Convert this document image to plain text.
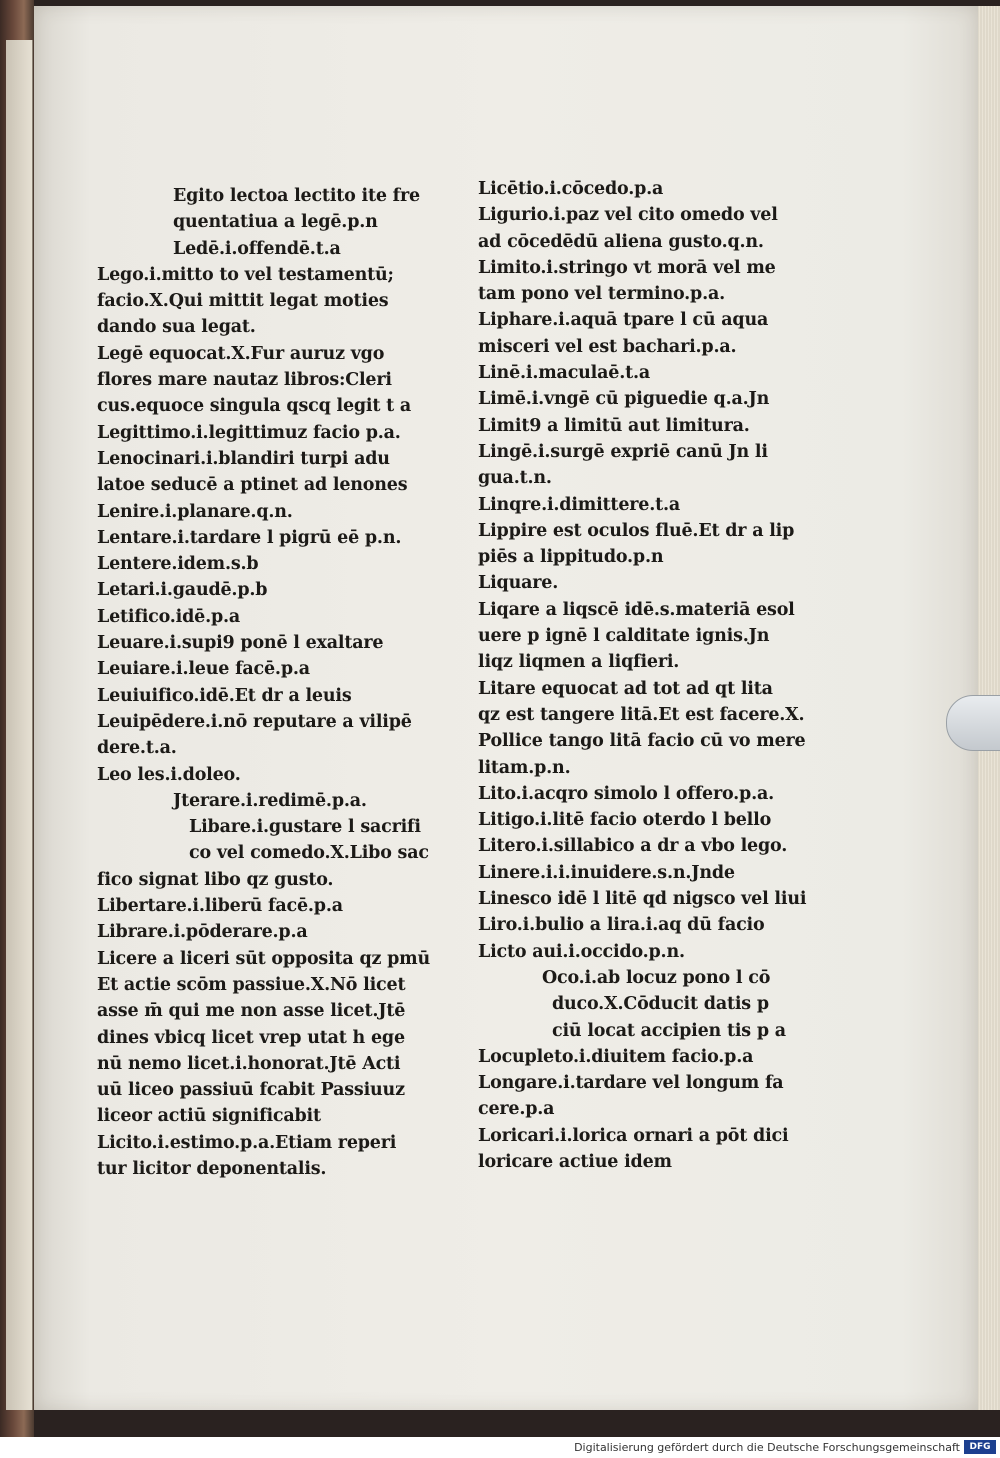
Egito lectoa lectito ite fre
quentatiua a legē.p.n
Ledē.i.offendē.t.a
Lego.i.mitto to vel testamentū;
facio.X.Qui mittit legat moties
dando sua legat.
Legē equocat.X.Fur auruz vgo
flores mare nautaz libros:Cleri
cus.equoce singula qscq legit t a
Legittimo.i.legittimuz facio p.a.
Lenocinari.i.blandiri turpi adu
latoe seducē a ptinet ad lenones
Lenire.i.planare.q.n.
Lentare.i.tardare l pigrū eē p.n.
Lentere.idem.s.b
Letari.i.gaudē.p.b
Letifico.idē.p.a
Leuare.i.supi9 ponē l exaltare
Leuiare.i.leue facē.p.a
Leuiuifico.idē.Et dr a leuis
Leuipēdere.i.nō reputare a vilipē
dere.t.a.
Leo les.i.doleo.
Jterare.i.redimē.p.a.
Libare.i.gustare l sacrifi
co vel comedo.X.Libo sac
fico signat libo qz gusto.
Libertare.i.liberū facē.p.a
Librare.i.pōderare.p.a
Licere a liceri sūt opposita qz pmū
Et actie scōm passiue.X.Nō licet
asse m̄ qui me non asse licet.Jtē
dines vbicq licet vrep utat h ege
nū nemo licet.i.honorat.Jtē Acti
uū liceo passiuū fcabit Passiuuz
liceor actiū significabit
Licito.i.estimo.p.a.Etiam reperi
tur licitor deponentalis.
Licētio.i.cōcedo.p.a
Ligurio.i.paz vel cito omedo vel
ad cōcedēdū aliena gusto.q.n.
Limito.i.stringo vt morā vel me
tam pono vel termino.p.a.
Liphare.i.aquā tpare l cū aqua
misceri vel est bachari.p.a.
Linē.i.maculaē.t.a
Limē.i.vngē cū piguedie q.a.Jn
Limit9 a limitū aut limitura.
Lingē.i.surgē expriē canū Jn li
gua.t.n.
Linqre.i.dimittere.t.a
Lippire est oculos fluē.Et dr a lip
piēs a lippitudo.p.n
Liquare.
Liqare a liqscē idē.s.materiā esol
uere p ignē l calditate ignis.Jn
liqz liqmen a liqfieri.
Litare equocat ad tot ad qt lita
qz est tangere litā.Et est facere.X.
Pollice tango litā facio cū vo mere
litam.p.n.
Lito.i.acqro simolo l offero.p.a.
Litigo.i.litē facio oterdo l bello
Litero.i.sillabico a dr a vbo lego.
Linere.i.i.inuidere.s.n.Jnde
Linesco idē l litē qd nigsco vel liui
Liro.i.bulio a lira.i.aq dū facio
Licto aui.i.occido.p.n.
Oco.i.ab locuz pono l cō
duco.X.Cōducit datis p
ciū locat accipien tis p a
Locupleto.i.diuitem facio.p.a
Longare.i.tardare vel longum fa
cere.p.a
Loricari.i.lorica ornari a pōt dici
loricare actiue idem
Digitalisierung gefördert durch die Deutsche Forschungsgemeinschaft	DFG
